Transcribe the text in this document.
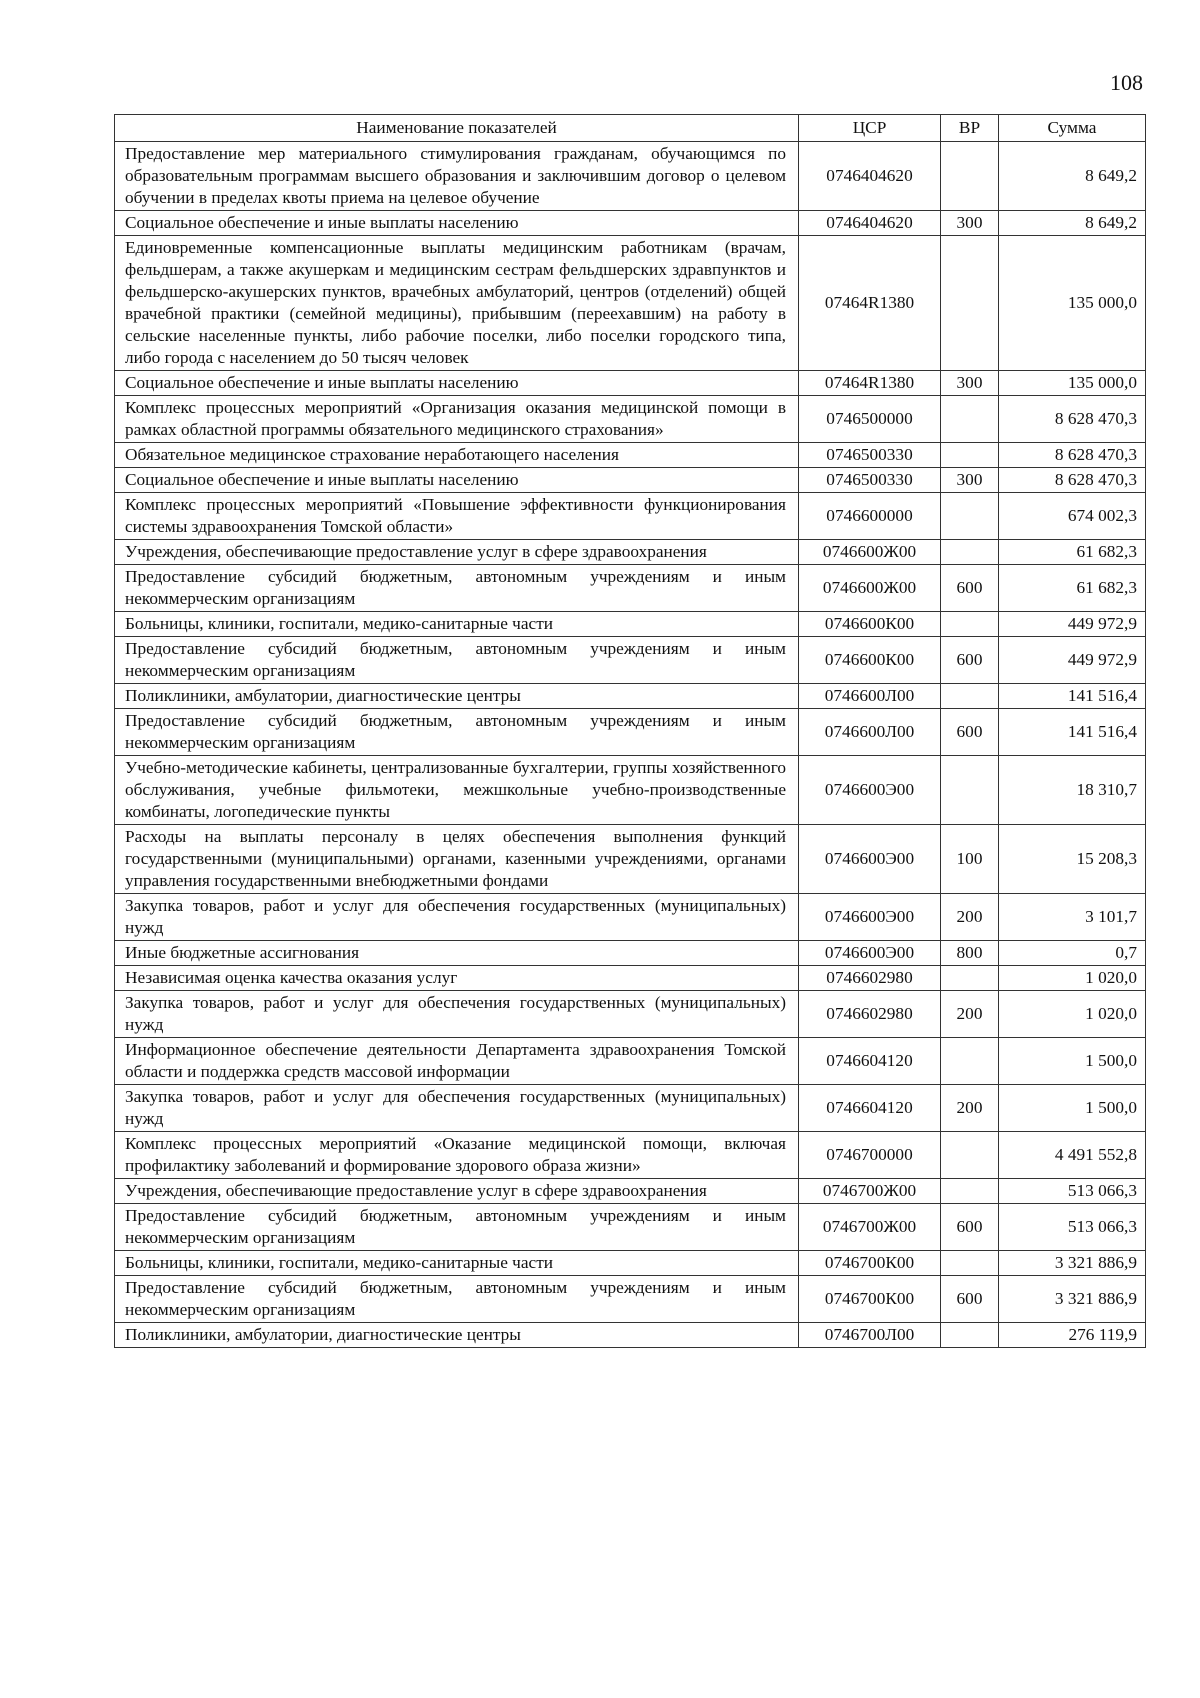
108
Наименование показателей	ЦСР	ВР	Сумма
Предоставление мер материального стимулирования гражданам, обучающимся по образовательным программам высшего образования и заключившим договор о целевом обучении в пределах квоты приема на целевое обучение	0746404620		8 649,2
Социальное обеспечение и иные выплаты населению	0746404620	300	8 649,2
Единовременные компенсационные выплаты медицинским работникам (врачам, фельдшерам, а также акушеркам и медицинским сестрам фельдшерских здравпунктов и фельдшерско-акушерских пунктов, врачебных амбулаторий, центров (отделений) общей врачебной практики (семейной медицины), прибывшим (переехавшим) на работу в сельские населенные пункты, либо рабочие поселки, либо поселки городского типа, либо города с населением до 50 тысяч человек	07464R1380		135 000,0
Социальное обеспечение и иные выплаты населению	07464R1380	300	135 000,0
Комплекс процессных мероприятий «Организация оказания медицинской помощи в рамках областной программы обязательного медицинского страхования»	0746500000		8 628 470,3
Обязательное медицинское страхование неработающего населения	0746500330		8 628 470,3
Социальное обеспечение и иные выплаты населению	0746500330	300	8 628 470,3
Комплекс процессных мероприятий «Повышение эффективности функционирования системы здравоохранения Томской области»	0746600000		674 002,3
Учреждения, обеспечивающие предоставление услуг в сфере здравоохранения	0746600Ж00		61 682,3
Предоставление субсидий бюджетным, автономным учреждениям и иным некоммерческим организациям	0746600Ж00	600	61 682,3
Больницы, клиники, госпитали, медико-санитарные части	0746600К00		449 972,9
Предоставление субсидий бюджетным, автономным учреждениям и иным некоммерческим организациям	0746600К00	600	449 972,9
Поликлиники, амбулатории, диагностические центры	0746600Л00		141 516,4
Предоставление субсидий бюджетным, автономным учреждениям и иным некоммерческим организациям	0746600Л00	600	141 516,4
Учебно-методические кабинеты, централизованные бухгалтерии, группы хозяйственного обслуживания, учебные фильмотеки, межшкольные учебно-производственные комбинаты, логопедические пункты	0746600Э00		18 310,7
Расходы на выплаты персоналу в целях обеспечения выполнения функций государственными (муниципальными) органами, казенными учреждениями, органами управления государственными внебюджетными фондами	0746600Э00	100	15 208,3
Закупка товаров, работ и услуг для обеспечения государственных (муниципальных) нужд	0746600Э00	200	3 101,7
Иные бюджетные ассигнования	0746600Э00	800	0,7
Независимая оценка качества оказания услуг	0746602980		1 020,0
Закупка товаров, работ и услуг для обеспечения государственных (муниципальных) нужд	0746602980	200	1 020,0
Информационное обеспечение деятельности Департамента здравоохранения Томской области и поддержка средств массовой информации	0746604120		1 500,0
Закупка товаров, работ и услуг для обеспечения государственных (муниципальных) нужд	0746604120	200	1 500,0
Комплекс процессных мероприятий «Оказание медицинской помощи, включая профилактику заболеваний и формирование здорового образа жизни»	0746700000		4 491 552,8
Учреждения, обеспечивающие предоставление услуг в сфере здравоохранения	0746700Ж00		513 066,3
Предоставление субсидий бюджетным, автономным учреждениям и иным некоммерческим организациям	0746700Ж00	600	513 066,3
Больницы, клиники, госпитали, медико-санитарные части	0746700К00		3 321 886,9
Предоставление субсидий бюджетным, автономным учреждениям и иным некоммерческим организациям	0746700К00	600	3 321 886,9
Поликлиники, амбулатории, диагностические центры	0746700Л00		276 119,9
